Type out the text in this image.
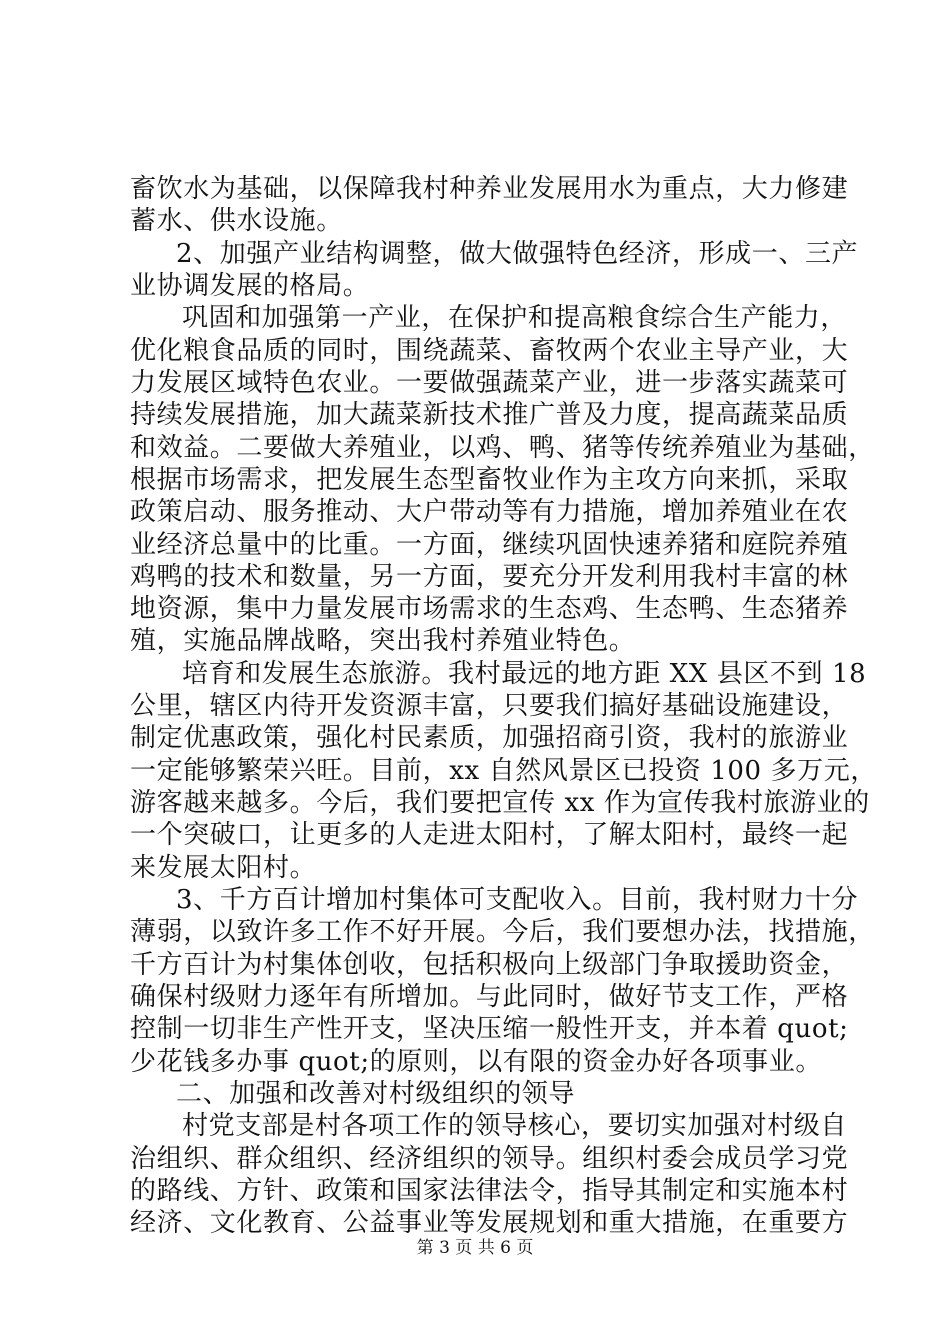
畜饮水为基础，以保障我村种养业发展用水为重点，大力修建
蓄水、供水设施。
2、加强产业结构调整，做大做强特色经济，形成一、三产
业协调发展的格局。
巩固和加强第一产业，在保护和提高粮食综合生产能力，
优化粮食品质的同时，围绕蔬菜、畜牧两个农业主导产业，大
力发展区域特色农业。一要做强蔬菜产业，进一步落实蔬菜可
持续发展措施，加大蔬菜新技术推广普及力度，提高蔬菜品质
和效益。二要做大养殖业，以鸡、鸭、猪等传统养殖业为基础，
根据市场需求，把发展生态型畜牧业作为主攻方向来抓，采取
政策启动、服务推动、大户带动等有力措施，增加养殖业在农
业经济总量中的比重。一方面，继续巩固快速养猪和庭院养殖
鸡鸭的技术和数量，另一方面，要充分开发利用我村丰富的林
地资源，集中力量发展市场需求的生态鸡、生态鸭、生态猪养
殖，实施品牌战略，突出我村养殖业特色。
培育和发展生态旅游。我村最远的地方距 XX 县区不到 18
公里，辖区内待开发资源丰富，只要我们搞好基础设施建设，
制定优惠政策，强化村民素质，加强招商引资，我村的旅游业
一定能够繁荣兴旺。目前，xx 自然风景区已投资 100 多万元，
游客越来越多。今后，我们要把宣传 xx 作为宣传我村旅游业的
一个突破口，让更多的人走进太阳村，了解太阳村，最终一起
来发展太阳村。
3、千方百计增加村集体可支配收入。目前，我村财力十分
薄弱，以致许多工作不好开展。今后，我们要想办法，找措施，
千方百计为村集体创收，包括积极向上级部门争取援助资金，
确保村级财力逐年有所增加。与此同时，做好节支工作，严格
控制一切非生产性开支，坚决压缩一般性开支，并本着 quot;
少花钱多办事 quot;的原则，以有限的资金办好各项事业。
二、加强和改善对村级组织的领导
村党支部是村各项工作的领导核心，要切实加强对村级自
治组织、群众组织、经济组织的领导。组织村委会成员学习党
的路线、方针、政策和国家法律法令，指导其制定和实施本村
经济、文化教育、公益事业等发展规划和重大措施，在重要方
第 3 页 共 6 页
